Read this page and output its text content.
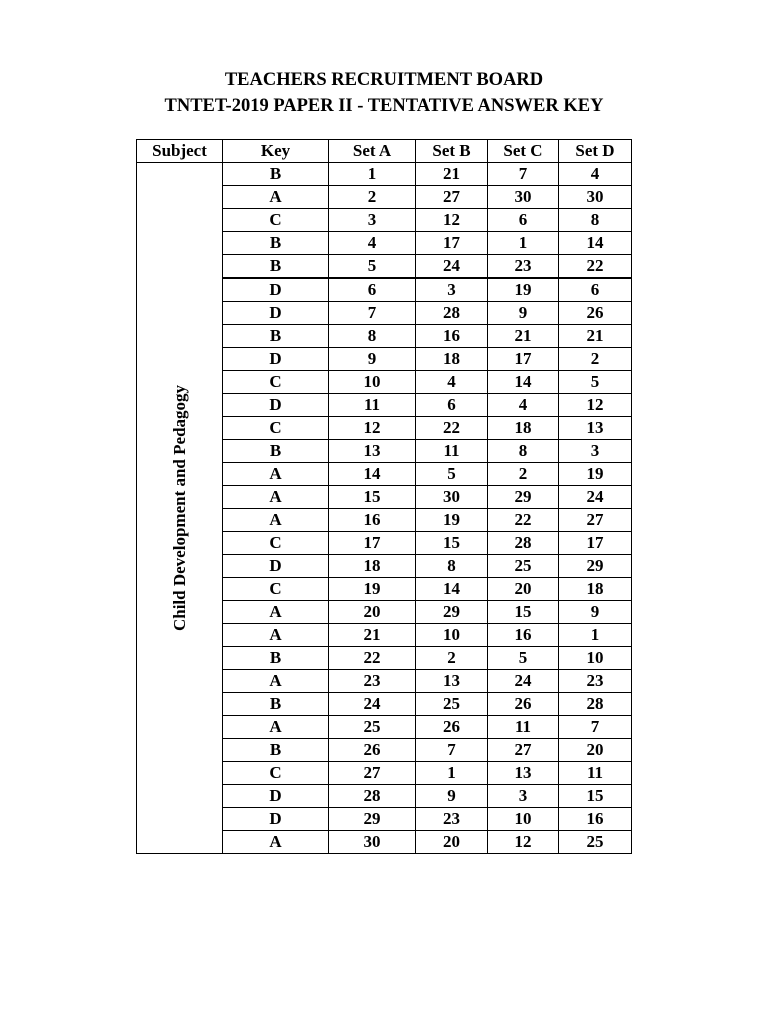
TEACHERS RECRUITMENT BOARD
TNTET-2019 PAPER II - TENTATIVE ANSWER KEY
Subject	Key	Set A	Set B	Set C	Set D

Child Development and Pedagogy	B	1	21	7	4
	A	2	27	30	30
	C	3	12	6	8
	B	4	17	1	14
	B	5	24	23	22
	D	6	3	19	6
	D	7	28	9	26
	B	8	16	21	21
	D	9	18	17	2
	C	10	4	14	5
	D	11	6	4	12
	C	12	22	18	13
	B	13	11	8	3
	A	14	5	2	19
	A	15	30	29	24
	A	16	19	22	27
	C	17	15	28	17
	D	18	8	25	29
	C	19	14	20	18
	A	20	29	15	9
	A	21	10	16	1
	B	22	2	5	10
	A	23	13	24	23
	B	24	25	26	28
	A	25	26	11	7
	B	26	7	27	20
	C	27	1	13	11
	D	28	9	3	15
	D	29	23	10	16
	A	30	20	12	25
